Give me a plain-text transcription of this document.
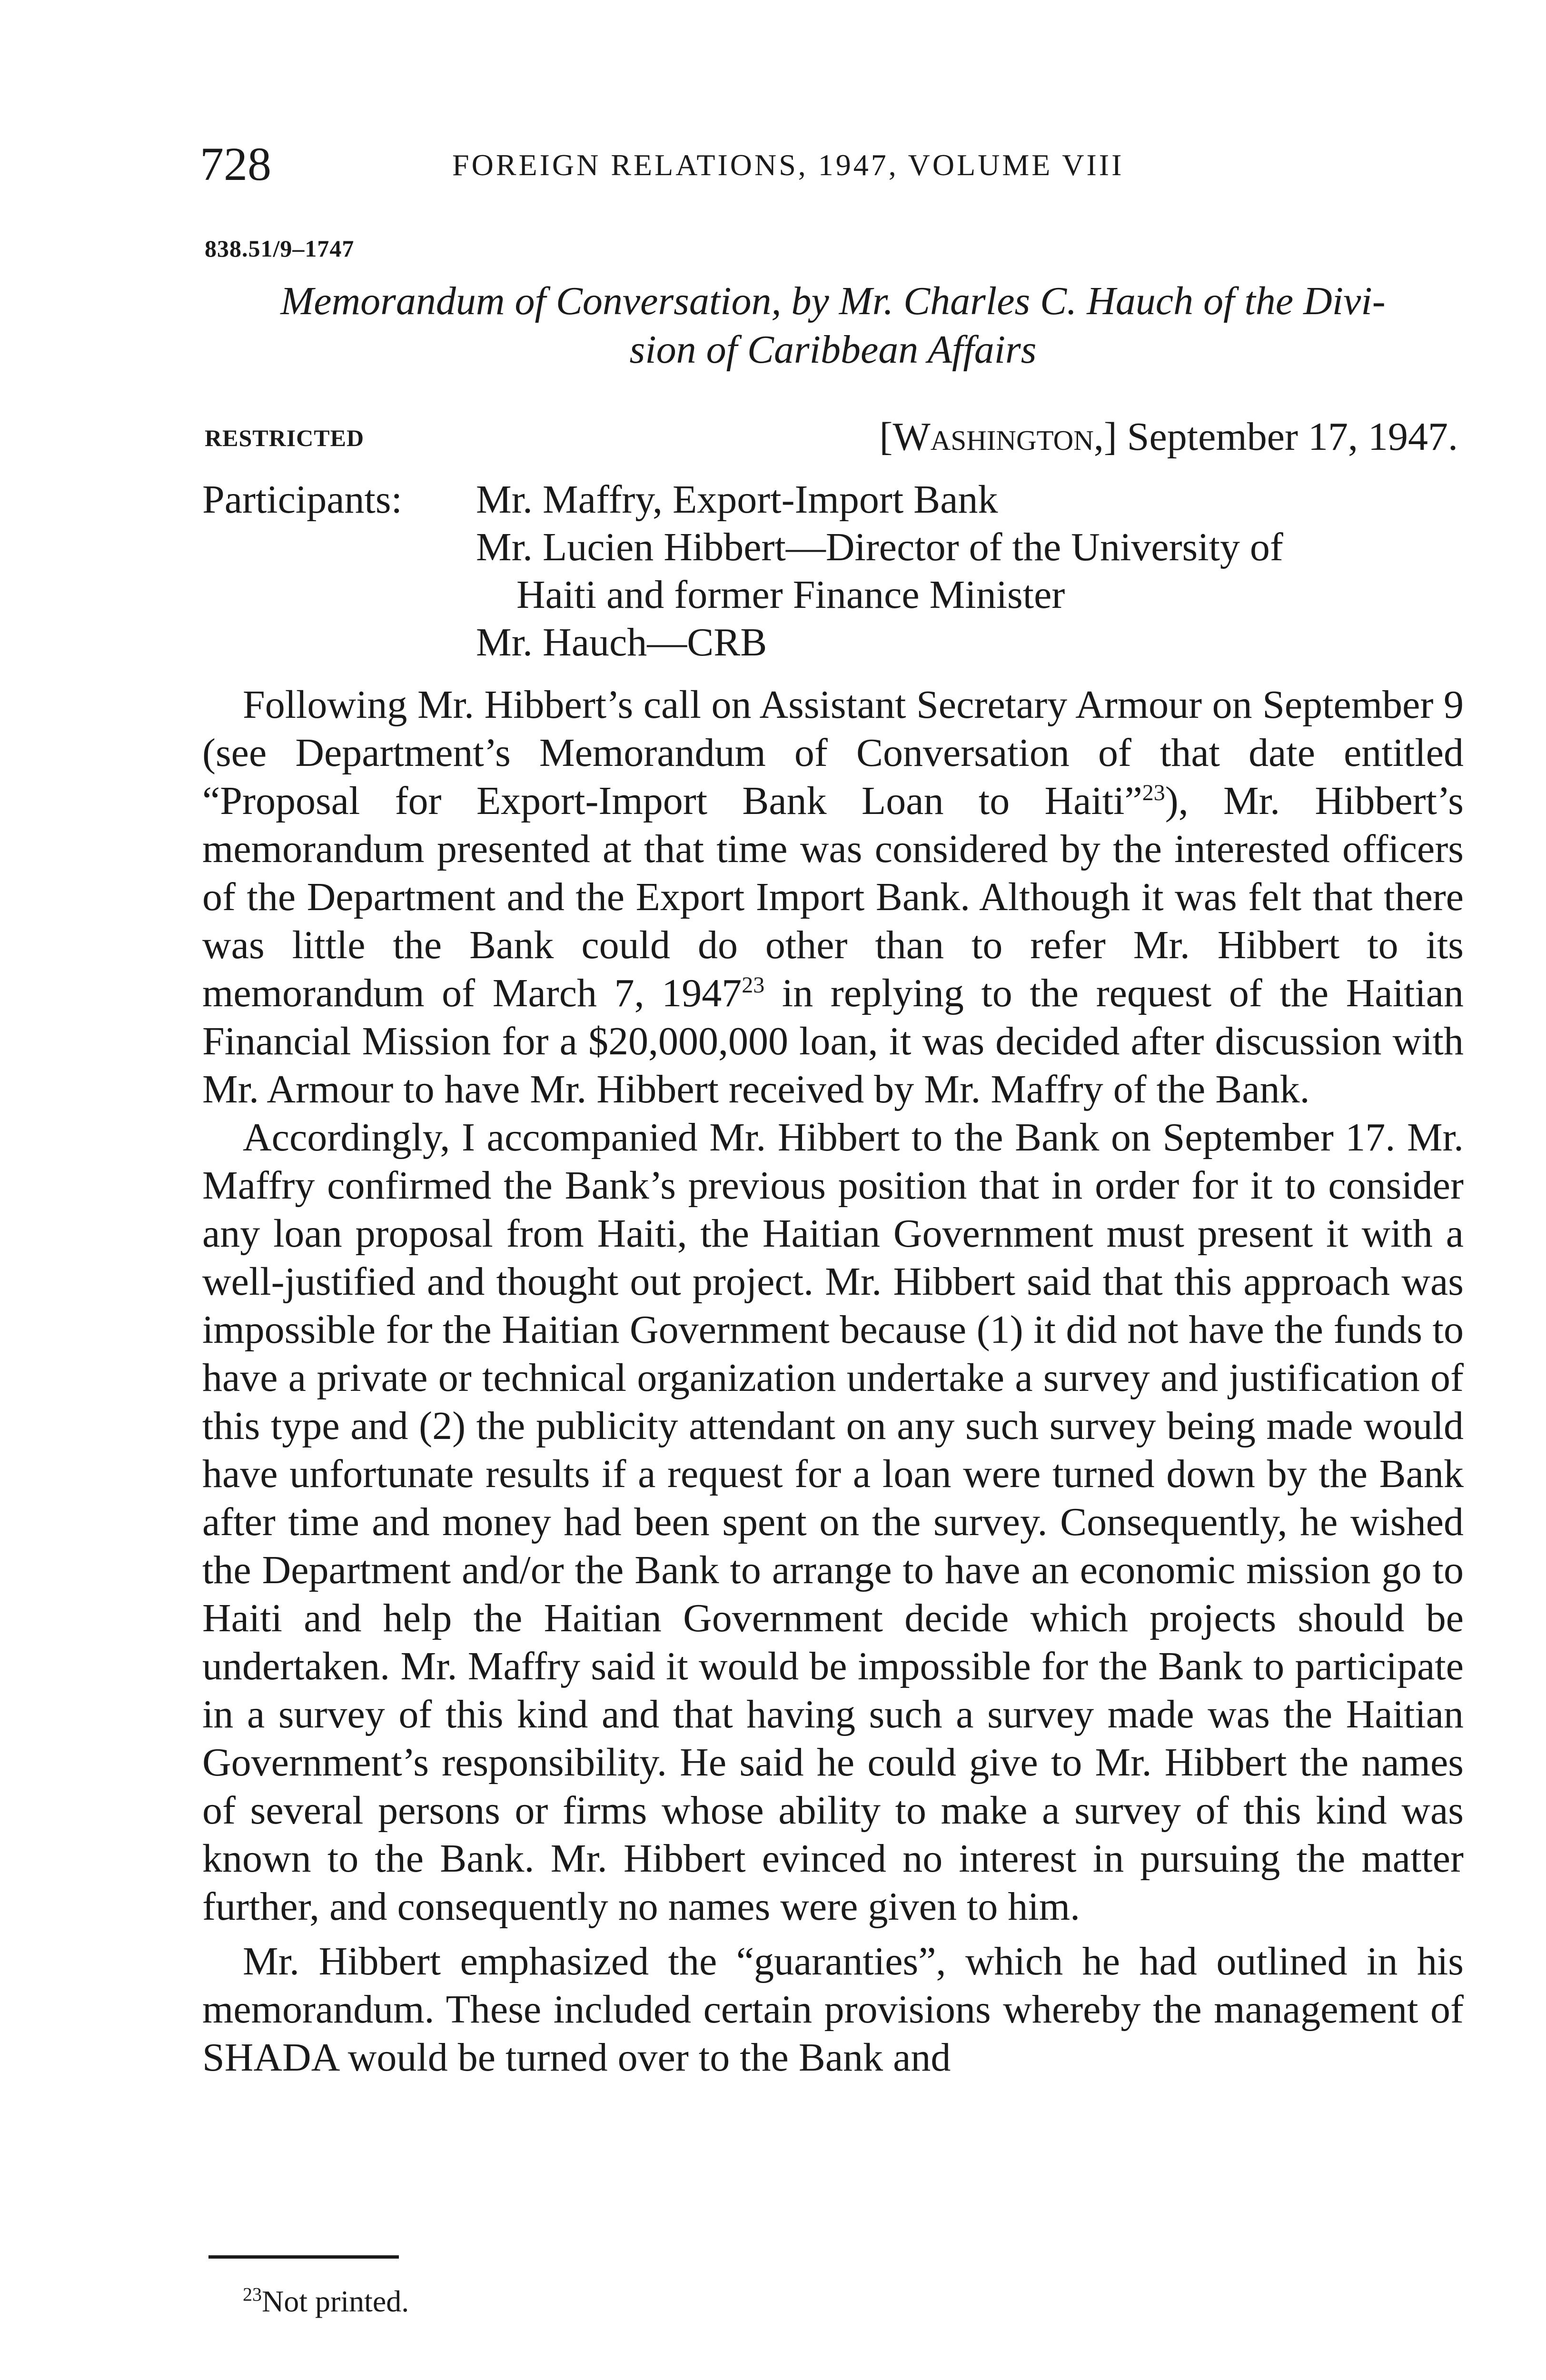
728	FOREIGN RELATIONS, 1947, VOLUME VIII
838.51/9–1747
Memorandum of Conversation, by Mr. Charles C. Hauch of the Divi-
sion of Caribbean Affairs
RESTRICTED	[Washington,] September 17, 1947.
Participants: Mr. Maffry, Export-Import Bank
Mr. Lucien Hibbert—Director of the University of
Haiti and former Finance Minister
Mr. Hauch—CRB

Following Mr. Hibbert’s call on Assistant Secretary Armour on September 9 (see Department’s Memorandum of Conversation of that date entitled “Proposal for Export-Import Bank Loan to Haiti”$^{23}$), Mr. Hibbert’s memorandum presented at that time was considered by the interested officers of the Department and the Export Import Bank. Although it was felt that there was little the Bank could do other than to refer Mr. Hibbert to its memorandum of March 7, 1947$^{23}$ in replying to the request of the Haitian Financial Mission for a $20,000,000 loan, it was decided after discussion with Mr. Armour to have Mr. Hibbert received by Mr. Maffry of the Bank.

Accordingly, I accompanied Mr. Hibbert to the Bank on September 17. Mr. Maffry confirmed the Bank’s previous position that in order for it to consider any loan proposal from Haiti, the Haitian Government must present it with a well-justified and thought out project. Mr. Hibbert said that this approach was impossible for the Haitian Government because (1) it did not have the funds to have a private or technical organization undertake a survey and justification of this type and (2) the publicity attendant on any such survey being made would have unfortunate results if a request for a loan were turned down by the Bank after time and money had been spent on the survey. Consequently, he wished the Department and/or the Bank to arrange to have an economic mission go to Haiti and help the Haitian Government decide which projects should be undertaken. Mr. Maffry said it would be impossible for the Bank to participate in a survey of this kind and that having such a survey made was the Haitian Government’s responsibility. He said he could give to Mr. Hibbert the names of several persons or firms whose ability to make a survey of this kind was known to the Bank. Mr. Hibbert evinced no interest in pursuing the matter further, and consequently no names were given to him.

Mr. Hibbert emphasized the “guaranties”, which he had outlined in his memorandum. These included certain provisions whereby the management of SHADA would be turned over to the Bank and

$^{23}$Not printed.
